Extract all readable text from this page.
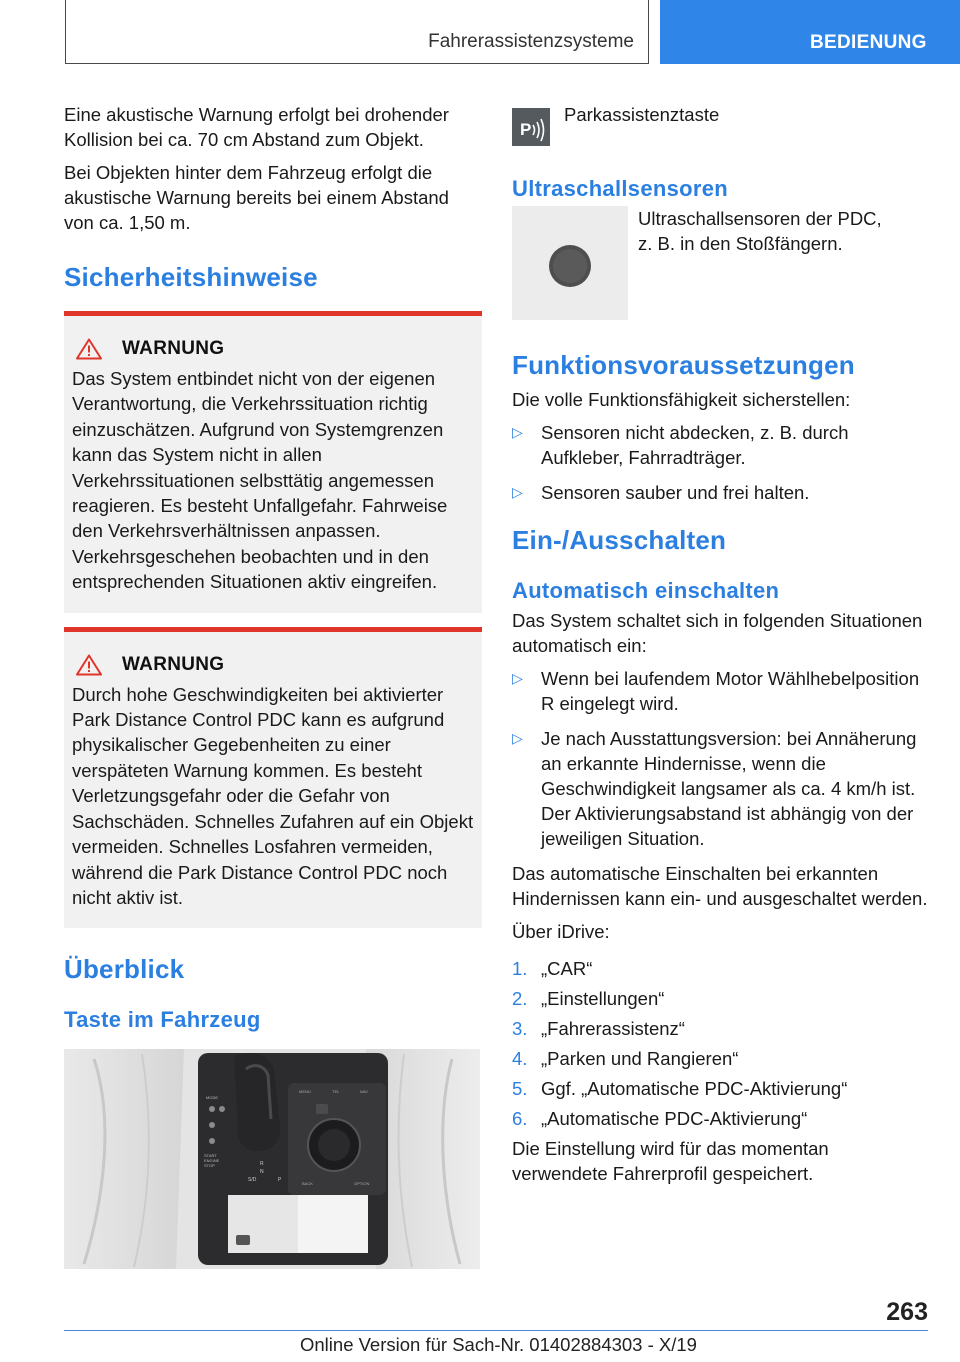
Fahrerassistenzsysteme	BEDIENUNG

Eine akustische Warnung erfolgt bei drohender Kollision bei ca. 70 cm Abstand zum Objekt.

Bei Objekten hinter dem Fahrzeug erfolgt die akustische Warnung bereits bei einem Abstand von ca. 1,50 m.

Sicherheitshinweise
WARNUNG

Das System entbindet nicht von der eigenen Verantwortung, die Verkehrssituation richtig einzuschätzen. Aufgrund von Systemgrenzen kann das System nicht in allen Verkehrssituationen selbsttätig angemessen reagieren. Es besteht Unfallgefahr. Fahrweise den Verkehrsverhältnissen anpassen. Verkehrsgeschehen beobachten und in den entsprechenden Situationen aktiv eingreifen.

WARNUNG

Durch hohe Geschwindigkeiten bei aktivierter Park Distance Control PDC kann es aufgrund physikalischer Gegebenheiten zu einer verspäteten Warnung kommen. Es besteht Verletzungsgefahr oder die Gefahr von Sachschäden. Schnelles Zufahren auf ein Objekt vermeiden. Schnelles Losfahren vermeiden, während die Park Distance Control PDC noch nicht aktiv ist.

Überblick
Taste im Fahrzeug
MENU	TEL	NAV
BACK	OPTION
START
ENGINE
STOP
MODE
R
N
S/D	P
P
Parkassistenztaste
Ultraschallsensoren

Ultraschallsensoren der PDC, z. B. in den Stoßfängern.

Funktionsvoraussetzungen

Die volle Funktionsfähigkeit sicherstellen:

▷ Sensoren nicht abdecken, z. B. durch Aufkleber, Fahrradträger.
▷ Sensoren sauber und frei halten.
Ein-/Ausschalten
Automatisch einschalten

Das System schaltet sich in folgenden Situationen automatisch ein:

▷ Wenn bei laufendem Motor Wählhebelposition R eingelegt wird.
▷ Je nach Ausstattungsversion: bei Annäherung an erkannte Hindernisse, wenn die Geschwindigkeit langsamer als ca. 4 km/h ist. Der Aktivierungsabstand ist abhängig von der jeweiligen Situation.

Das automatische Einschalten bei erkannten Hindernissen kann ein- und ausgeschaltet werden.

Über iDrive:

1. „CAR“
2. „Einstellungen“
3. „Fahrerassistenz“
4. „Parken und Rangieren“
5. Ggf. „Automatische PDC-Aktivierung“
6. „Automatische PDC-Aktivierung“

Die Einstellung wird für das momentan verwendete Fahrerprofil gespeichert.

263
Online Version für Sach-Nr. 01402884303 - X/19
